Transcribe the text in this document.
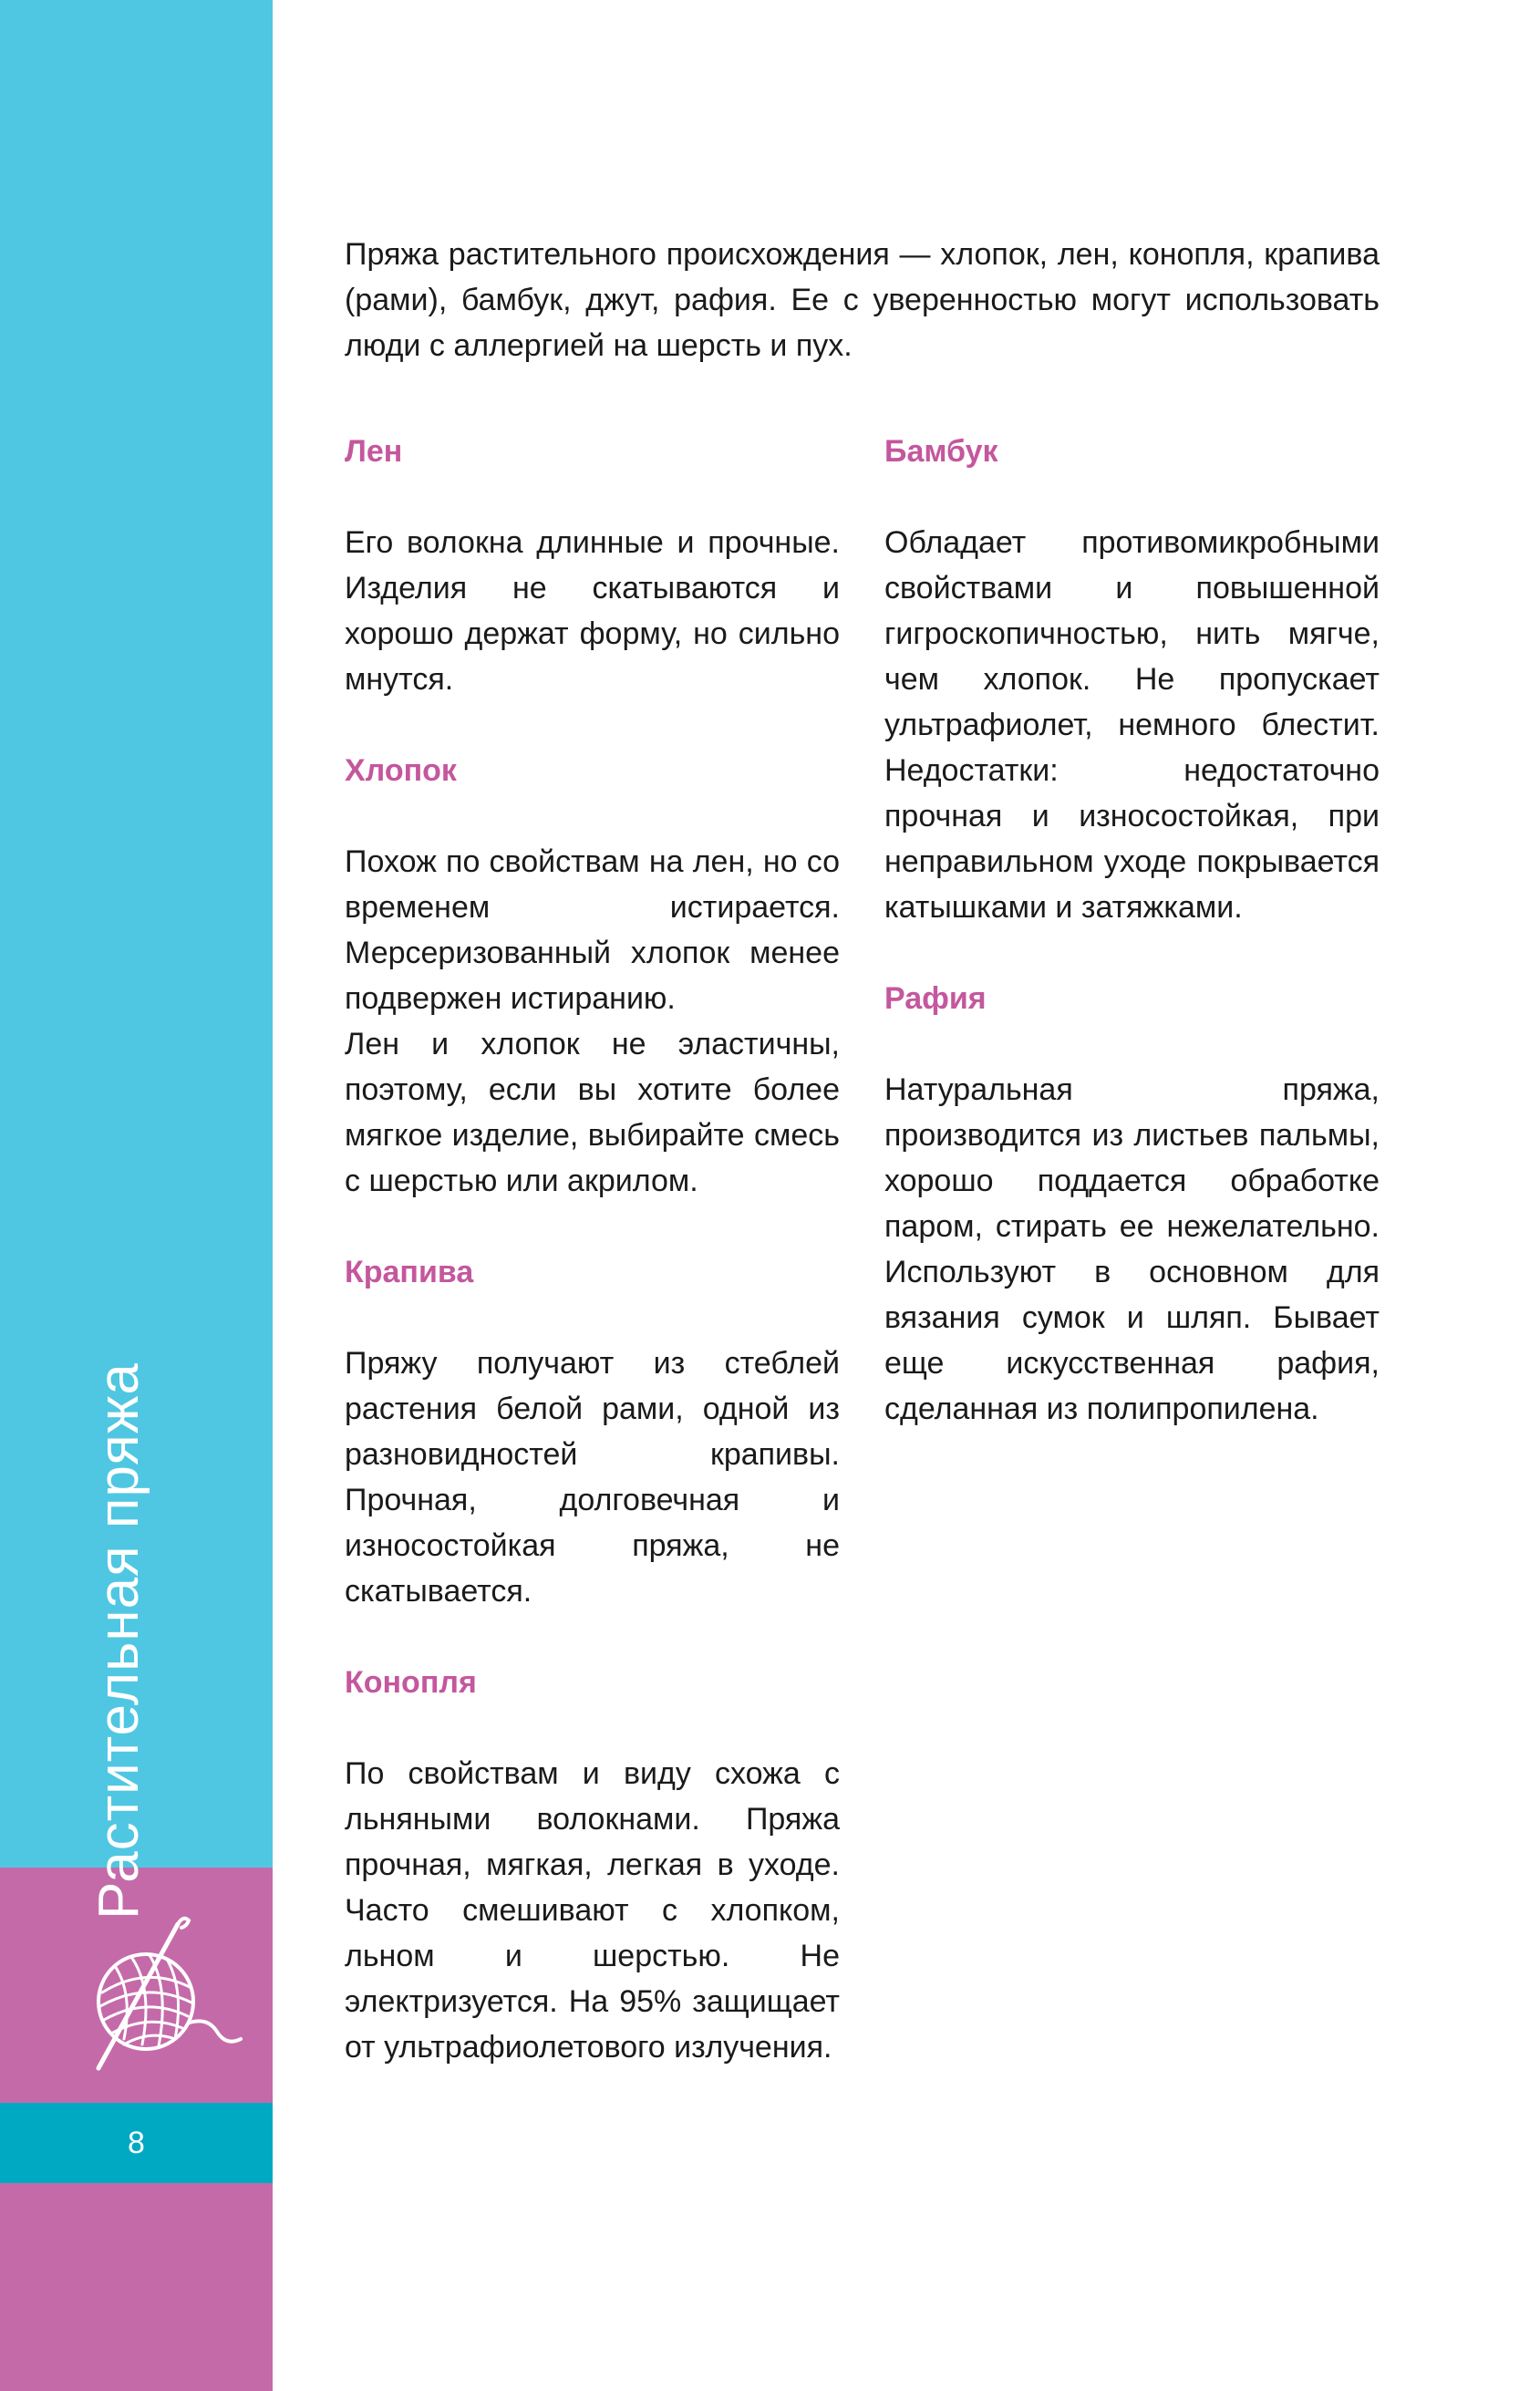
Растительная пряжа
8

Пряжа растительного происхождения — хлопок, лен, конопля, крапива (рами), бамбук, джут, рафия. Ее с уверенностью могут использовать люди с аллергией на шерсть и пух.

Лен

Его волокна длинные и прочные. Изделия не скатываются и хорошо держат форму, но сильно мнутся.

Хлопок

Похож по свойствам на лен, но со временем истирается. Мерсеризованный хлопок менее подвержен истиранию.

Лен и хлопок не эластичны, поэтому, если вы хотите более мягкое изделие, выбирайте смесь с шерстью или акрилом.

Крапива

Пряжу получают из стеблей растения белой рами, одной из разновидностей крапивы. Прочная, долговечная и износостойкая пряжа, не скатывается.

Конопля

По свойствам и виду схожа с льняными волокнами. Пряжа прочная, мягкая, легкая в уходе. Часто смешивают с хлопком, льном и шерстью. Не электризуется. На 95% защищает от ультрафиолетового излучения.

Бамбук

Обладает противомикробными свойствами и повышенной гигроскопичностью, нить мягче, чем хлопок. Не пропускает ультрафиолет, немного блестит. Недостатки: недостаточно прочная и износостойкая, при неправильном уходе покрывается катышками и затяжками.

Рафия

Натуральная пряжа, производится из листьев пальмы, хорошо поддается обработке паром, стирать ее нежелательно. Используют в основном для вязания сумок и шляп. Бывает еще искусственная рафия, сделанная из полипропилена.
